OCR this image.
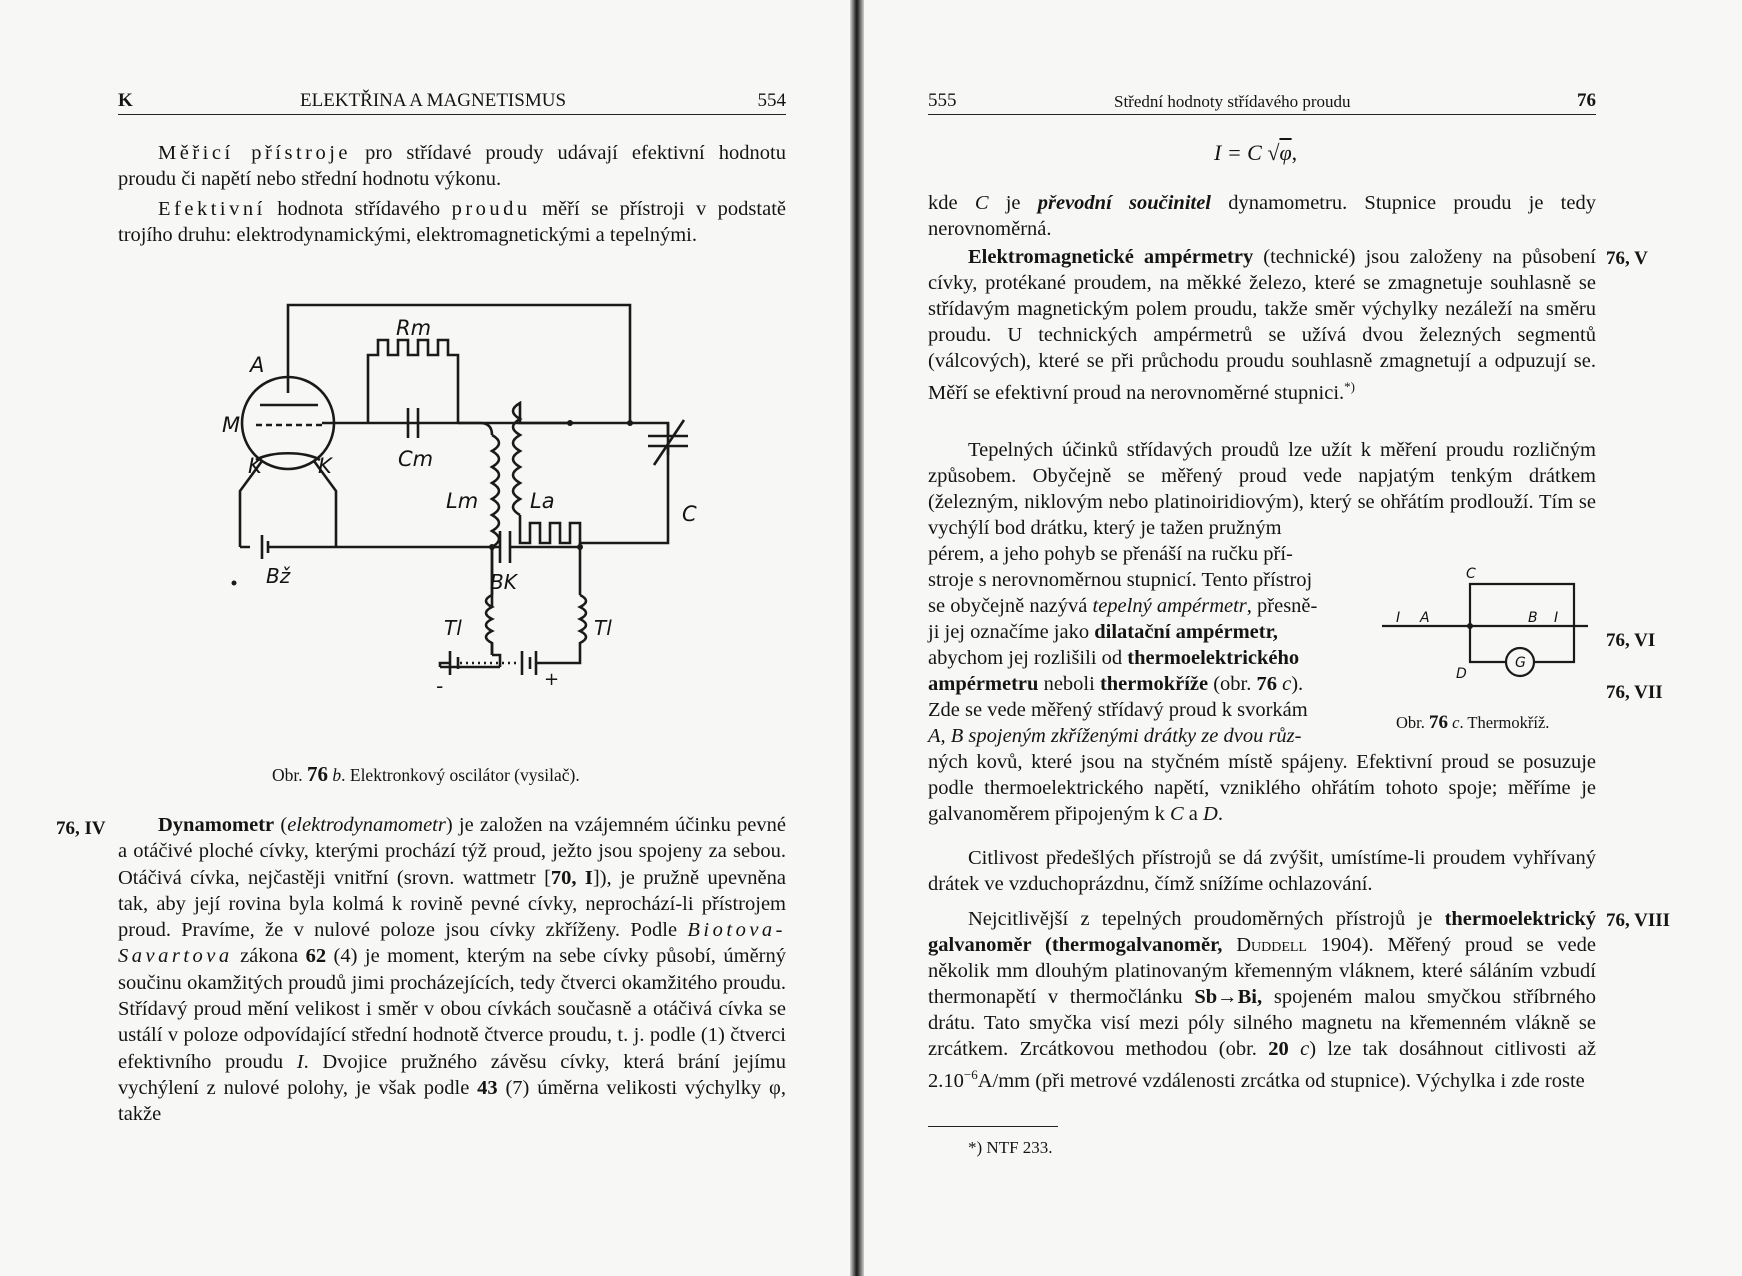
K	ELEKTŘINA A MAGNETISMUS	554

Měřicí přístroje pro střídavé proudy udávají efektivní hodnotu proudu či napětí nebo střední hodnotu výkonu.

Efektivní hodnota střídavého proudu měří se přístroji v podstatě trojího druhu: elektrodynamickými, elektromagnetickými a tepelnými.

A
M
K	K
Rm
Cm
Lm La
C
Bž	BK
Tl	Tl
-	+
Obr. 76 b. Elektronkový oscilátor (vysilač).
76, IV	Dynamometr (elektrodynamometr) je založen na vzájemném účinku pevné a otáčivé ploché cívky, kterými prochází týž proud, ježto jsou spojeny za sebou. Otáčivá cívka, nejčastěji vnitřní (srovn. wattmetr [70, I]), je pružně upevněna tak, aby její rovina byla kolmá k rovině pevné cívky, neprochází-li přístrojem proud. Pravíme, že v nulové poloze jsou cívky zkříženy. Podle Biotova-Savartova zákona 62 (4) je moment, kterým na sebe cívky působí, úměrný součinu okamžitých proudů jimi procházejících, tedy čtverci okamžitého proudu. Střídavý proud mění velikost i směr v obou cívkách současně a otáčivá cívka se ustálí v poloze odpovídající střední hodnotě čtverce proudu, t. j. podle (1) čtverci efektivního proudu I. Dvojice pružného závěsu cívky, která brání jejímu vychýlení z nulové polohy, je však podle 43 (7) úměrna velikosti výchylky φ, takže

555	Střední hodnoty střídavého proudu	76
I = C √φ,

kde C je převodní součinitel dynamometru. Stupnice proudu je tedy nerovnoměrná.

76, V

Elektromagnetické ampérmetry (technické) jsou založeny na působení cívky, protékané proudem, na měkké železo, které se zmagnetuje souhlasně se střídavým magnetickým polem proudu, takže směr výchylky nezáleží na směru proudu. U technických ampérmetrů se užívá dvou železných segmentů (válcových), které se při průchodu proudu souhlasně zmagnetují a odpuzují se. Měří se efektivní proud na nerovnoměrné stupnici.*)

Tepelných účinků střídavých proudů lze užít k měření proudu rozličným způsobem. Obyčejně se měřený proud vede napjatým tenkým drátkem (železným, niklovým nebo platinoiridiovým), který se ohřátím prodlouží. Tím se vychýlí bod drátku, který je tažen pružným

pérem, a jeho pohyb se přenáší na ručku pří-
stroje s nerovnoměrnou stupnicí. Tento přístroj
se obyčejně nazývá tepelný ampérmetr, přesně-
ji jej označíme jako dilatační ampérmetr,
abychom jej rozlišili od thermoelektrického
ampérmetru neboli thermokříže (obr. 76 c).
Zde se vede měřený střídavý proud k svorkám
A, B spojeným zkříženými drátky ze dvou růz-
76, VI
76, VII
C
I A	B I
D
G
Obr. 76 c. Thermokříž.

ných kovů, které jsou na styčném místě spájeny. Efektivní proud se posuzuje podle thermoelektrického napětí, vzniklého ohřátím tohoto spoje; měříme je galvanoměrem připojeným k C a D.

Citlivost předešlých přístrojů se dá zvýšit, umístíme-li proudem vyhřívaný drátek ve vzduchoprázdnu, čímž snížíme ochlazování.

76, VIII

Nejcitlivější z tepelných proudoměrných přístrojů je thermoelektrický galvanoměr (thermogalvanoměr, Duddell 1904). Měřený proud se vede několik mm dlouhým platinovaným křemenným vláknem, které sáláním vzbudí thermonapětí v thermočlánku Sb→Bi, spojeném malou smyčkou stříbrného drátu. Tato smyčka visí mezi póly silného magnetu na křemenném vlákně se zrcátkem. Zrcátkovou methodou (obr. 20 c) lze tak dosáhnout citlivosti až $2.10^{-6}A/mm$ (při metrové vzdálenosti zrcátka od stupnice). Výchylka i zde roste

*) NTF 233.
